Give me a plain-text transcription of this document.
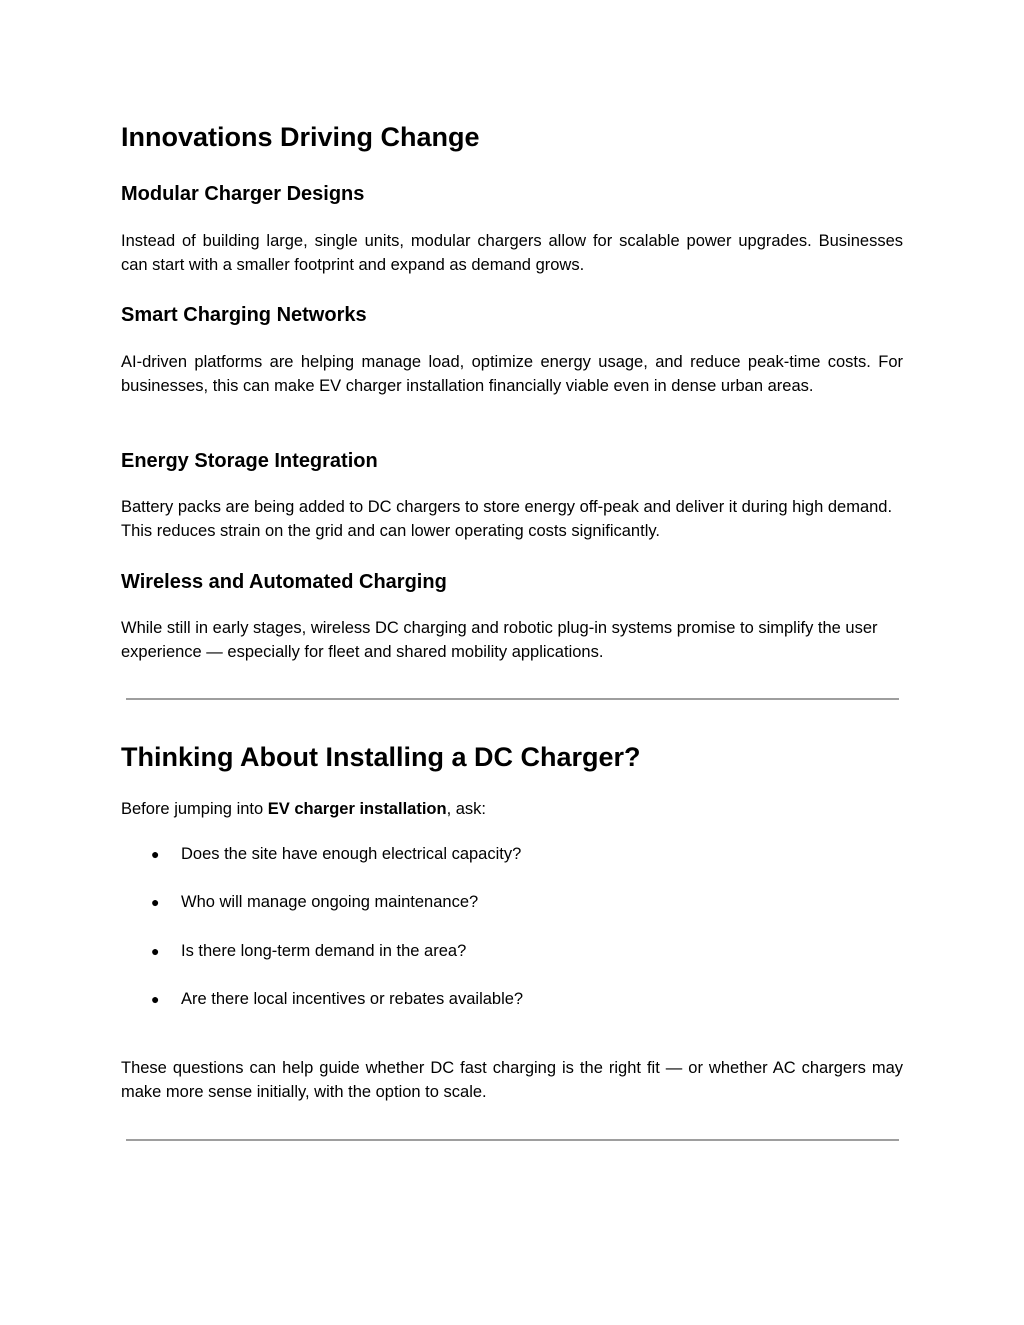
Innovations Driving Change
Modular Charger Designs

Instead of building large, single units, modular chargers allow for scalable power upgrades. Businesses can start with a smaller footprint and expand as demand grows.

Smart Charging Networks

AI-driven platforms are helping manage load, optimize energy usage, and reduce peak-time costs. For businesses, this can make EV charger installation financially viable even in dense urban areas.

Energy Storage Integration

Battery packs are being added to DC chargers to store energy off-peak and deliver it during high demand. This reduces strain on the grid and can lower operating costs significantly.

Wireless and Automated Charging

While still in early stages, wireless DC charging and robotic plug-in systems promise to simplify the user experience — especially for fleet and shared mobility applications.

Thinking About Installing a DC Charger?

Before jumping into EV charger installation, ask:

● Does the site have enough electrical capacity?
● Who will manage ongoing maintenance?
● Is there long-term demand in the area?
● Are there local incentives or rebates available?

These questions can help guide whether DC fast charging is the right fit — or whether AC chargers may make more sense initially, with the option to scale.
